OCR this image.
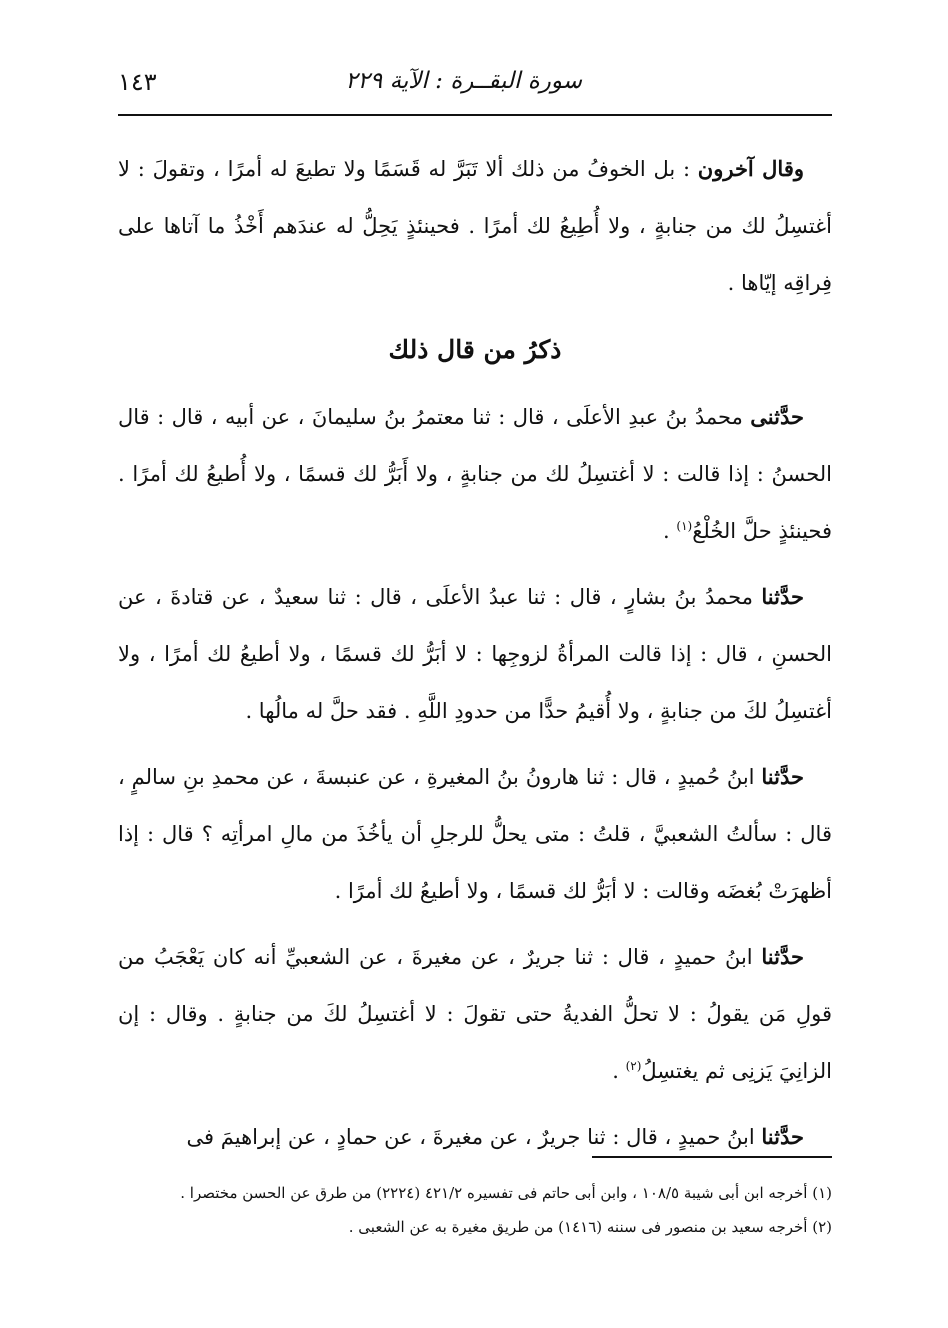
سورة البقــرة : الآية ٢٢٩
١٤٣

وقال آخرون : بل الخوفُ من ذلك ألا تَبَرَّ له قَسَمًا ولا تطيعَ له أمرًا ، وتقولَ : لا أغتسِلُ لك من جنابةٍ ، ولا أُطِيعُ لك أمرًا . فحينئذٍ يَحِلُّ له عندَهم أَخْذُ ما آتاها على فِراقِه إيّاها .

ذكرُ من قال ذلك

حدَّثنى محمدُ بنُ عبدِ الأعلَى ، قال : ثنا معتمرُ بنُ سليمانَ ، عن أبيه ، قال : قال الحسنُ : إذا قالت : لا أغتسِلُ لك من جنابةٍ ، ولا أَبَرُّ لك قسمًا ، ولا أُطيعُ لك أمرًا . فحينئذٍ حلَّ الخُلْعُ$^{(١)}$ .

حدَّثنا محمدُ بنُ بشارٍ ، قال : ثنا عبدُ الأعلَى ، قال : ثنا سعيدٌ ، عن قتادةَ ، عن الحسنِ ، قال : إذا قالت المرأةُ لزوجِها : لا أبَرُّ لك قسمًا ، ولا أطيعُ لك أمرًا ، ولا أغتسِلُ لكَ من جنابةٍ ، ولا أُقيمُ حدًّا من حدودِ اللَّهِ . فقد حلَّ له مالُها .

حدَّثنا ابنُ حُميدٍ ، قال : ثنا هارونُ بنُ المغيرةِ ، عن عنبسةَ ، عن محمدِ بنِ سالمٍ ، قال : سألتُ الشعبيَّ ، قلتُ : متى يحلُّ للرجلِ أن يأخُذَ من مالِ امرأتِه ؟ قال : إذا أظهرَتْ بُغضَه وقالت : لا أبَرُّ لك قسمًا ، ولا أطيعُ لك أمرًا .

حدَّثنا ابنُ حميدٍ ، قال : ثنا جريرٌ ، عن مغيرةَ ، عن الشعبيِّ أنه كان يَعْجَبُ من قولِ مَن يقولُ : لا تحلُّ الفديةُ حتى تقولَ : لا أغتسِلُ لكَ من جنابةٍ . وقال : إن الزانِيَ يَزنِى ثم يغتسِلُ$^{(٢)}$ .

حدَّثنا ابنُ حميدٍ ، قال : ثنا جريرٌ ، عن مغيرةَ ، عن حمادٍ ، عن إبراهيمَ فى

(١) أخرجه ابن أبى شيبة ٥/‏١٠٨ ، وابن أبى حاتم فى تفسيره ٢/‏٤٢١ (٢٢٢٤) من طرق عن الحسن مختصرا .

(٢) أخرجه سعيد بن منصور فى سننه (١٤١٦) من طريق مغيرة به عن الشعبى .
